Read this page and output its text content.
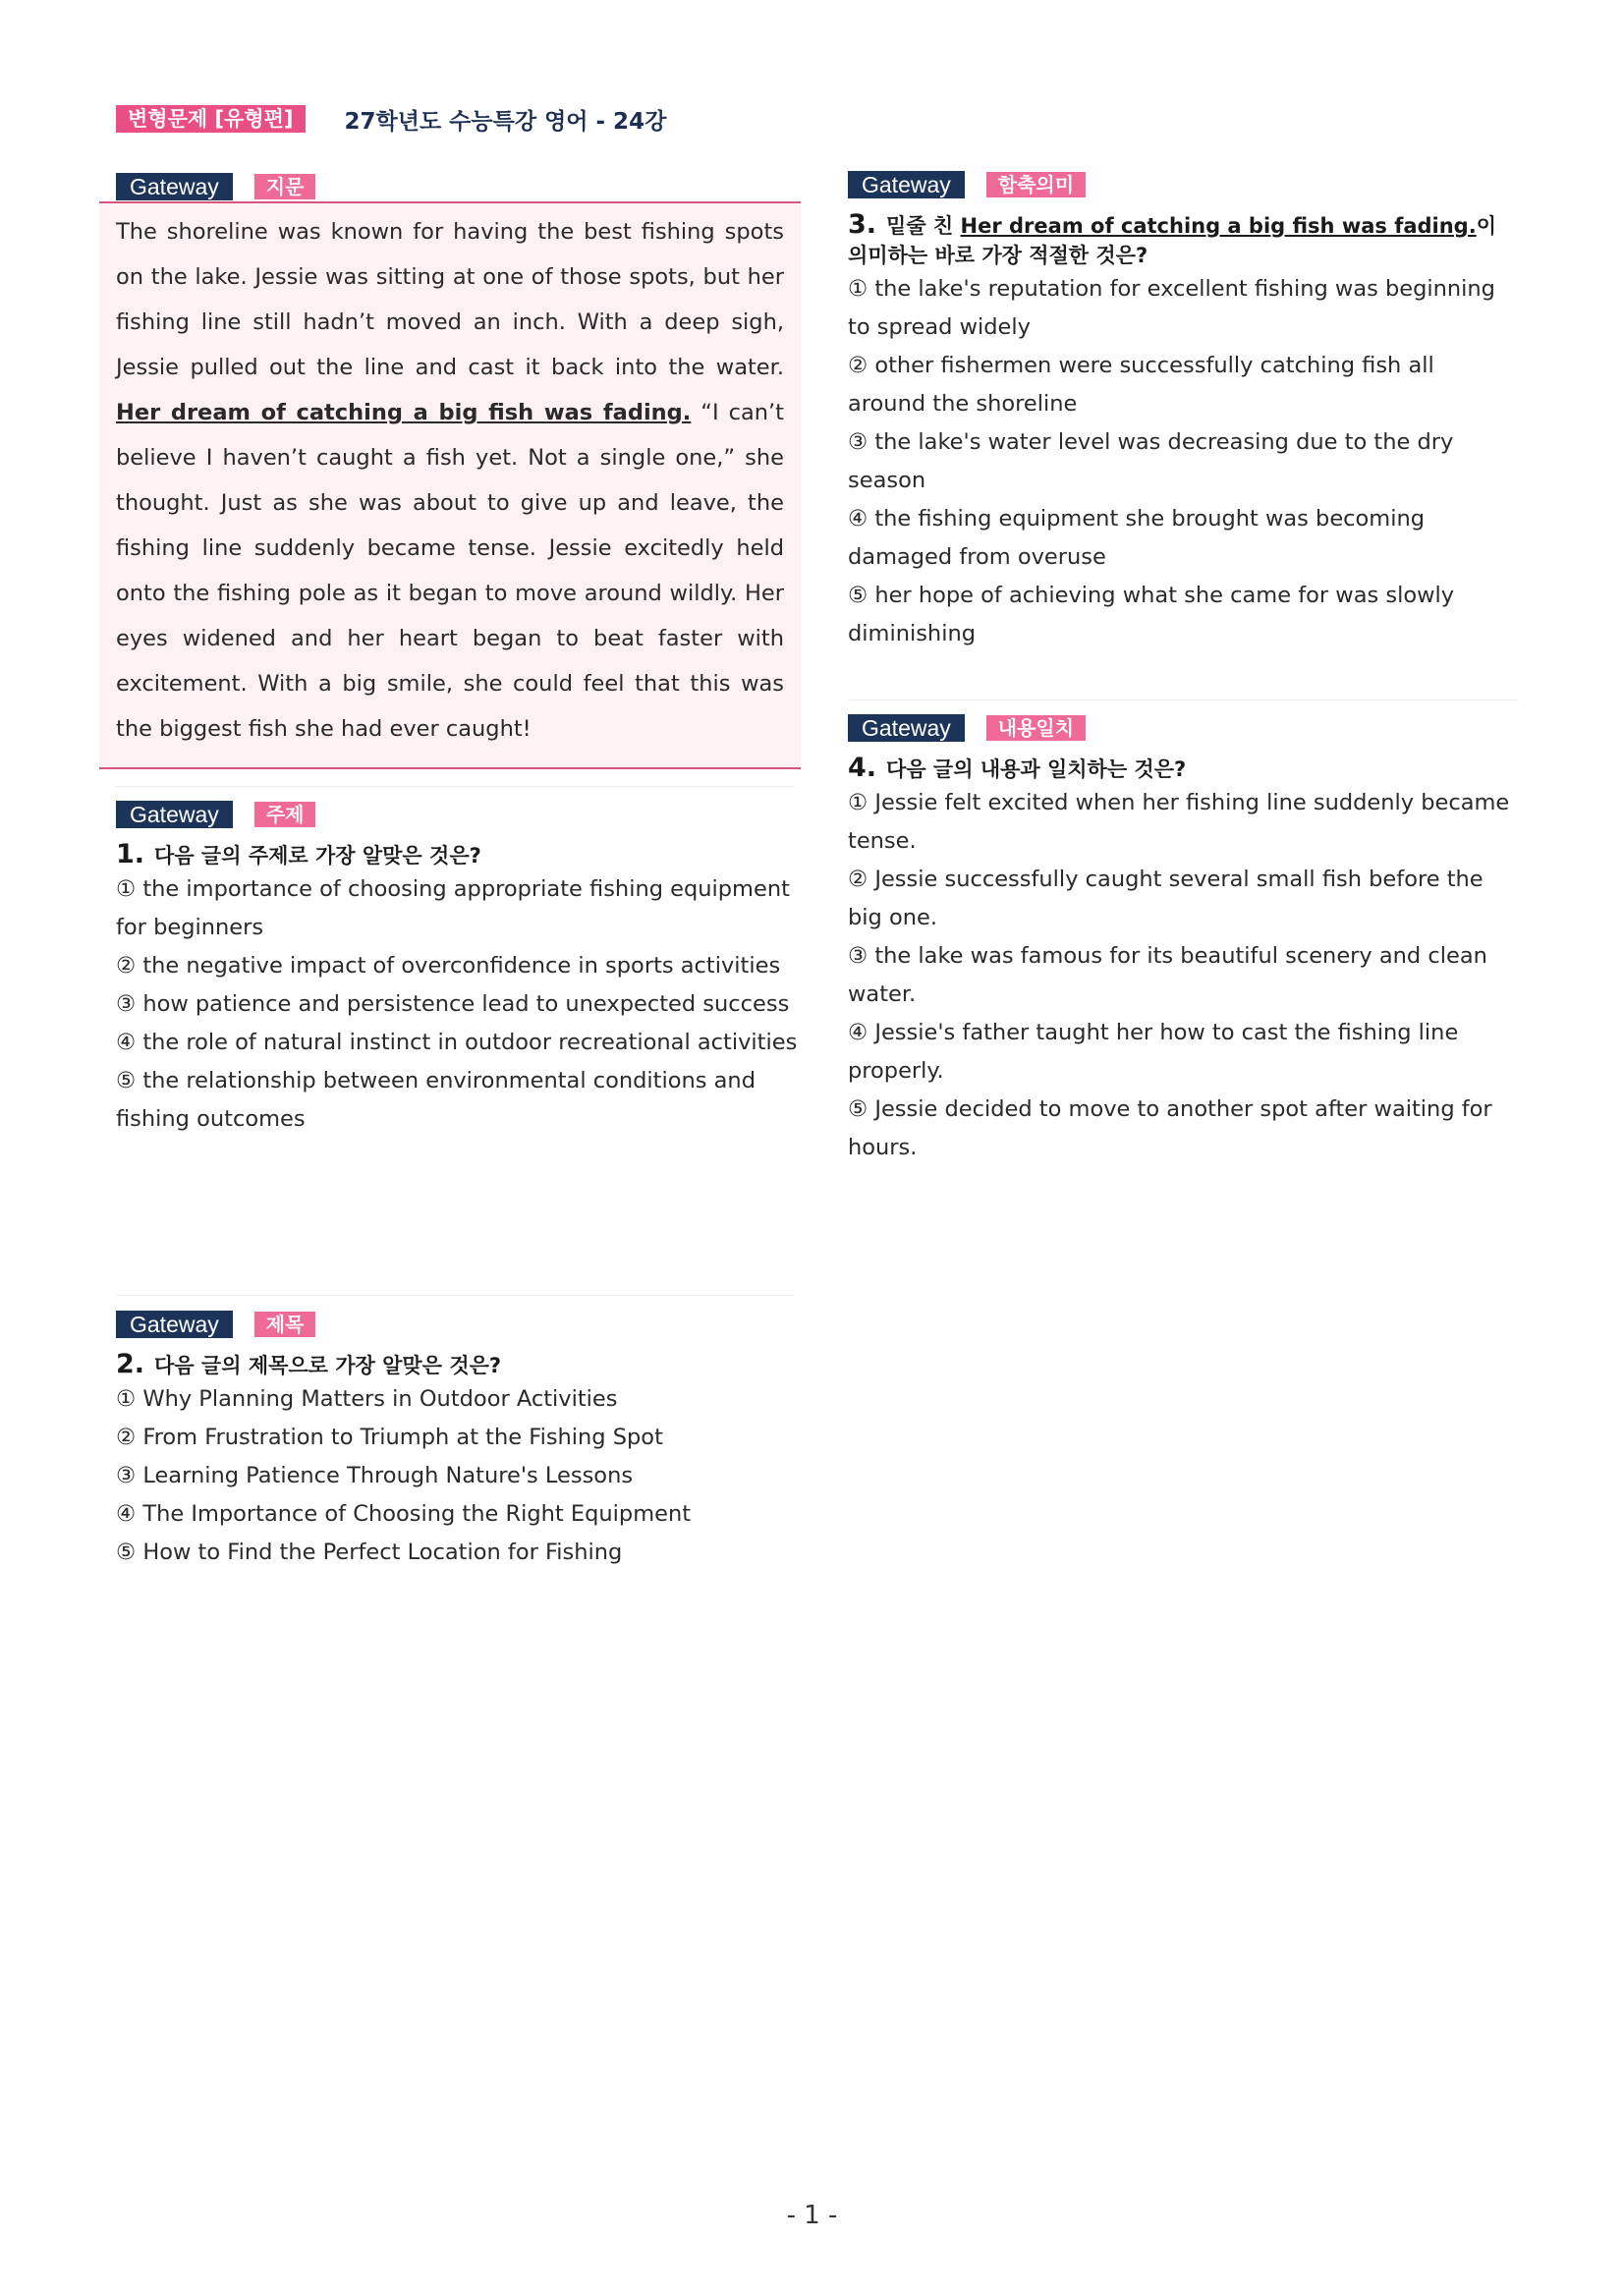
변형문제 [유형편]	27학년도 수능특강 영어 - 24강
Gateway	지문
The shoreline was known for having the best fishing spots on the lake. Jessie was sitting at one of those spots, but her fishing line still hadn’t moved an inch. With a deep sigh, Jessie pulled out the line and cast it back into the water. Her dream of catching a big fish was fading. “I can’t believe I haven’t caught a fish yet. Not a single one,” she thought. Just as she was about to give up and leave, the fishing line suddenly became tense. Jessie excitedly held onto the fishing pole as it began to move around wildly. Her eyes widened and her heart began to beat faster with excitement. With a big smile, she could feel that this was the biggest fish she had ever caught!
Gateway	주제
1. 다음 글의 주제로 가장 알맞은 것은?
① the importance of choosing appropriate fishing equipment for beginners
② the negative impact of overconfidence in sports activities
③ how patience and persistence lead to unexpected success
④ the role of natural instinct in outdoor recreational activities
⑤ the relationship between environmental conditions and fishing outcomes
Gateway	제목
2. 다음 글의 제목으로 가장 알맞은 것은?
① Why Planning Matters in Outdoor Activities
② From Frustration to Triumph at the Fishing Spot
③ Learning Patience Through Nature's Lessons
④ The Importance of Choosing the Right Equipment
⑤ How to Find the Perfect Location for Fishing
Gateway	함축의미
3. 밑줄 친 Her dream of catching a big fish was fading.이 의미하는 바로 가장 적절한 것은?
① the lake's reputation for excellent fishing was beginning to spread widely
② other fishermen were successfully catching fish all around the shoreline
③ the lake's water level was decreasing due to the dry season
④ the fishing equipment she brought was becoming damaged from overuse
⑤ her hope of achieving what she came for was slowly diminishing
Gateway	내용일치
4. 다음 글의 내용과 일치하는 것은?
① Jessie felt excited when her fishing line suddenly became tense.
② Jessie successfully caught several small fish before the big one.
③ the lake was famous for its beautiful scenery and clean water.
④ Jessie's father taught her how to cast the fishing line properly.
⑤ Jessie decided to move to another spot after waiting for hours.
- 1 -
